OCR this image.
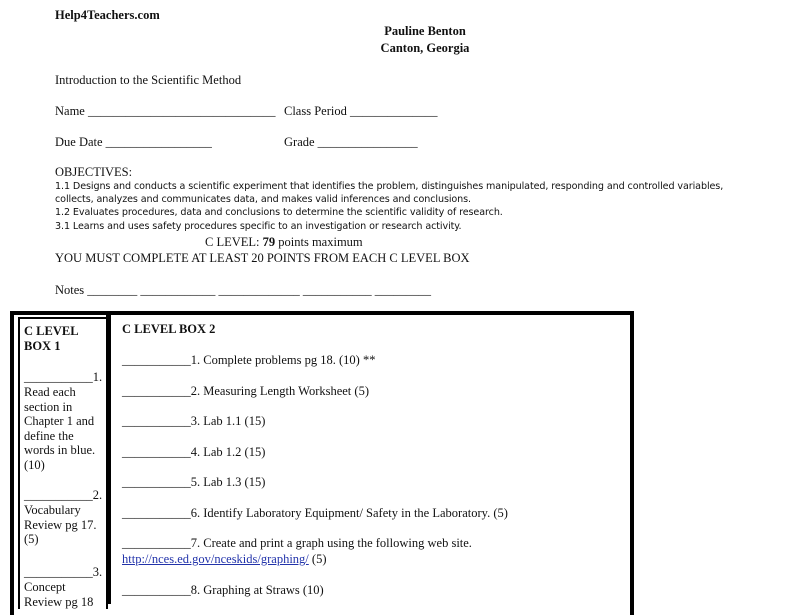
Help4Teachers.com
Pauline Benton
Canton, Georgia
Introduction to the Scientific Method
Name ______________________________ Class Period ______________
Due Date _________________	Grade ________________
OBJECTIVES:
1.1 Designs and conducts a scientific experiment that identifies the problem, distinguishes manipulated, responding and controlled variables,
collects, analyzes and communicates data, and makes valid inferences and conclusions.
1.2 Evaluates procedures, data and conclusions to determine the scientific validity of research.
3.1 Learns and uses safety procedures specific to an investigation or research activity.
C LEVEL: 79 points maximum
YOU MUST COMPLETE AT LEAST 20 POINTS FROM EACH C LEVEL BOX
Notes ________ ____________ _____________ ___________ _________
C LEVEL BOX 1
___________1.
Read each section in Chapter 1 and define the words in blue. (10)
___________2.
Vocabulary Review pg 17. (5)
___________3.
Concept Review pg 18
C LEVEL BOX 2
___________1. Complete problems pg 18. (10) **
___________2. Measuring Length Worksheet (5)
___________3. Lab 1.1 (15)
___________4. Lab 1.2 (15)
___________5. Lab 1.3 (15)
___________6. Identify Laboratory Equipment/ Safety in the Laboratory. (5)
___________7. Create and print a graph using the following web site.
http://nces.ed.gov/nceskids/graphing/ (5)
___________8. Graphing at Straws (10)
